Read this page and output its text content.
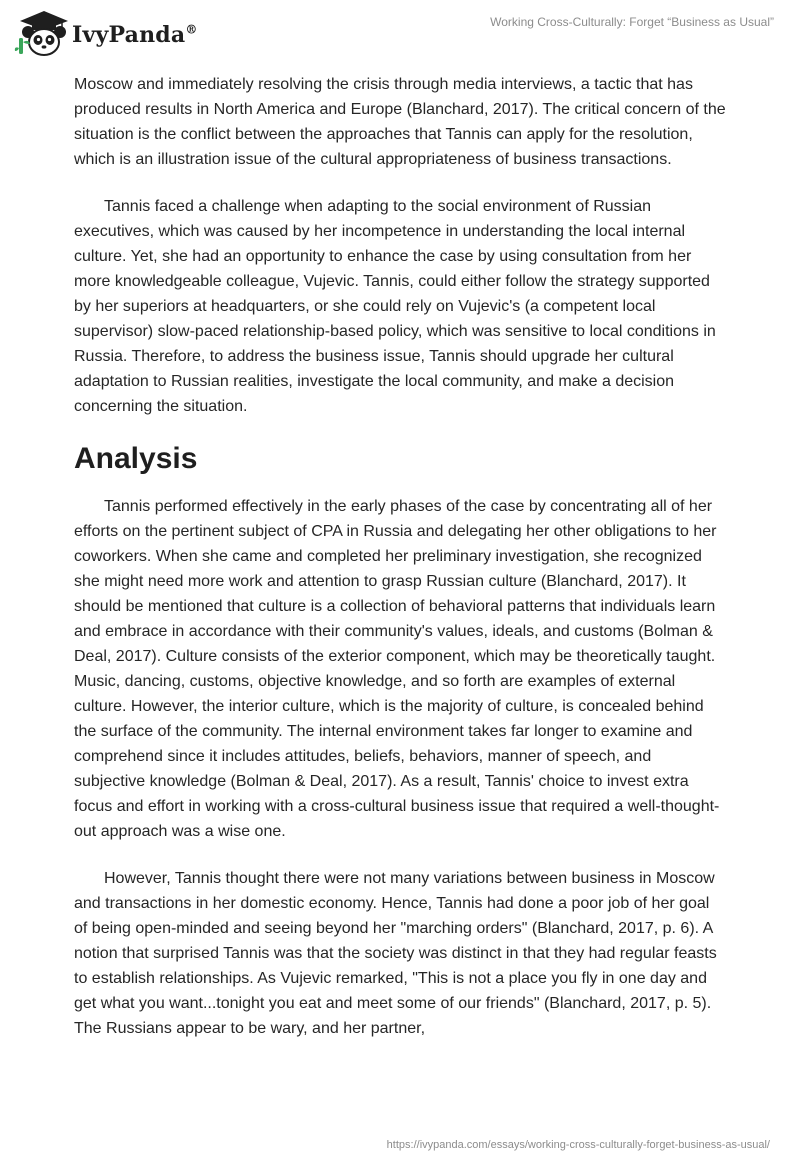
IvyPanda®
Working Cross-Culturally: Forget “Business as Usual”

Moscow and immediately resolving the crisis through media interviews, a tactic that has produced results in North America and Europe (Blanchard, 2017). The critical concern of the situation is the conflict between the approaches that Tannis can apply for the resolution, which is an illustration issue of the cultural appropriateness of business transactions.

Tannis faced a challenge when adapting to the social environment of Russian executives, which was caused by her incompetence in understanding the local internal culture. Yet, she had an opportunity to enhance the case by using consultation from her more knowledgeable colleague, Vujevic. Tannis, could either follow the strategy supported by her superiors at headquarters, or she could rely on Vujevic's (a competent local supervisor) slow-paced relationship-based policy, which was sensitive to local conditions in Russia. Therefore, to address the business issue, Tannis should upgrade her cultural adaptation to Russian realities, investigate the local community, and make a decision concerning the situation.

Analysis

Tannis performed effectively in the early phases of the case by concentrating all of her efforts on the pertinent subject of CPA in Russia and delegating her other obligations to her coworkers. When she came and completed her preliminary investigation, she recognized she might need more work and attention to grasp Russian culture (Blanchard, 2017). It should be mentioned that culture is a collection of behavioral patterns that individuals learn and embrace in accordance with their community's values, ideals, and customs (Bolman & Deal, 2017). Culture consists of the exterior component, which may be theoretically taught. Music, dancing, customs, objective knowledge, and so forth are examples of external culture. However, the interior culture, which is the majority of culture, is concealed behind the surface of the community. The internal environment takes far longer to examine and comprehend since it includes attitudes, beliefs, behaviors, manner of speech, and subjective knowledge (Bolman & Deal, 2017). As a result, Tannis' choice to invest extra focus and effort in working with a cross-cultural business issue that required a well-thought-out approach was a wise one.

However, Tannis thought there were not many variations between business in Moscow and transactions in her domestic economy. Hence, Tannis had done a poor job of her goal of being open-minded and seeing beyond her "marching orders" (Blanchard, 2017, p. 6). A notion that surprised Tannis was that the society was distinct in that they had regular feasts to establish relationships. As Vujevic remarked, "This is not a place you fly in one day and get what you want...tonight you eat and meet some of our friends" (Blanchard, 2017, p. 5). The Russians appear to be wary, and her partner,

https://ivypanda.com/essays/working-cross-culturally-forget-business-as-usual/
